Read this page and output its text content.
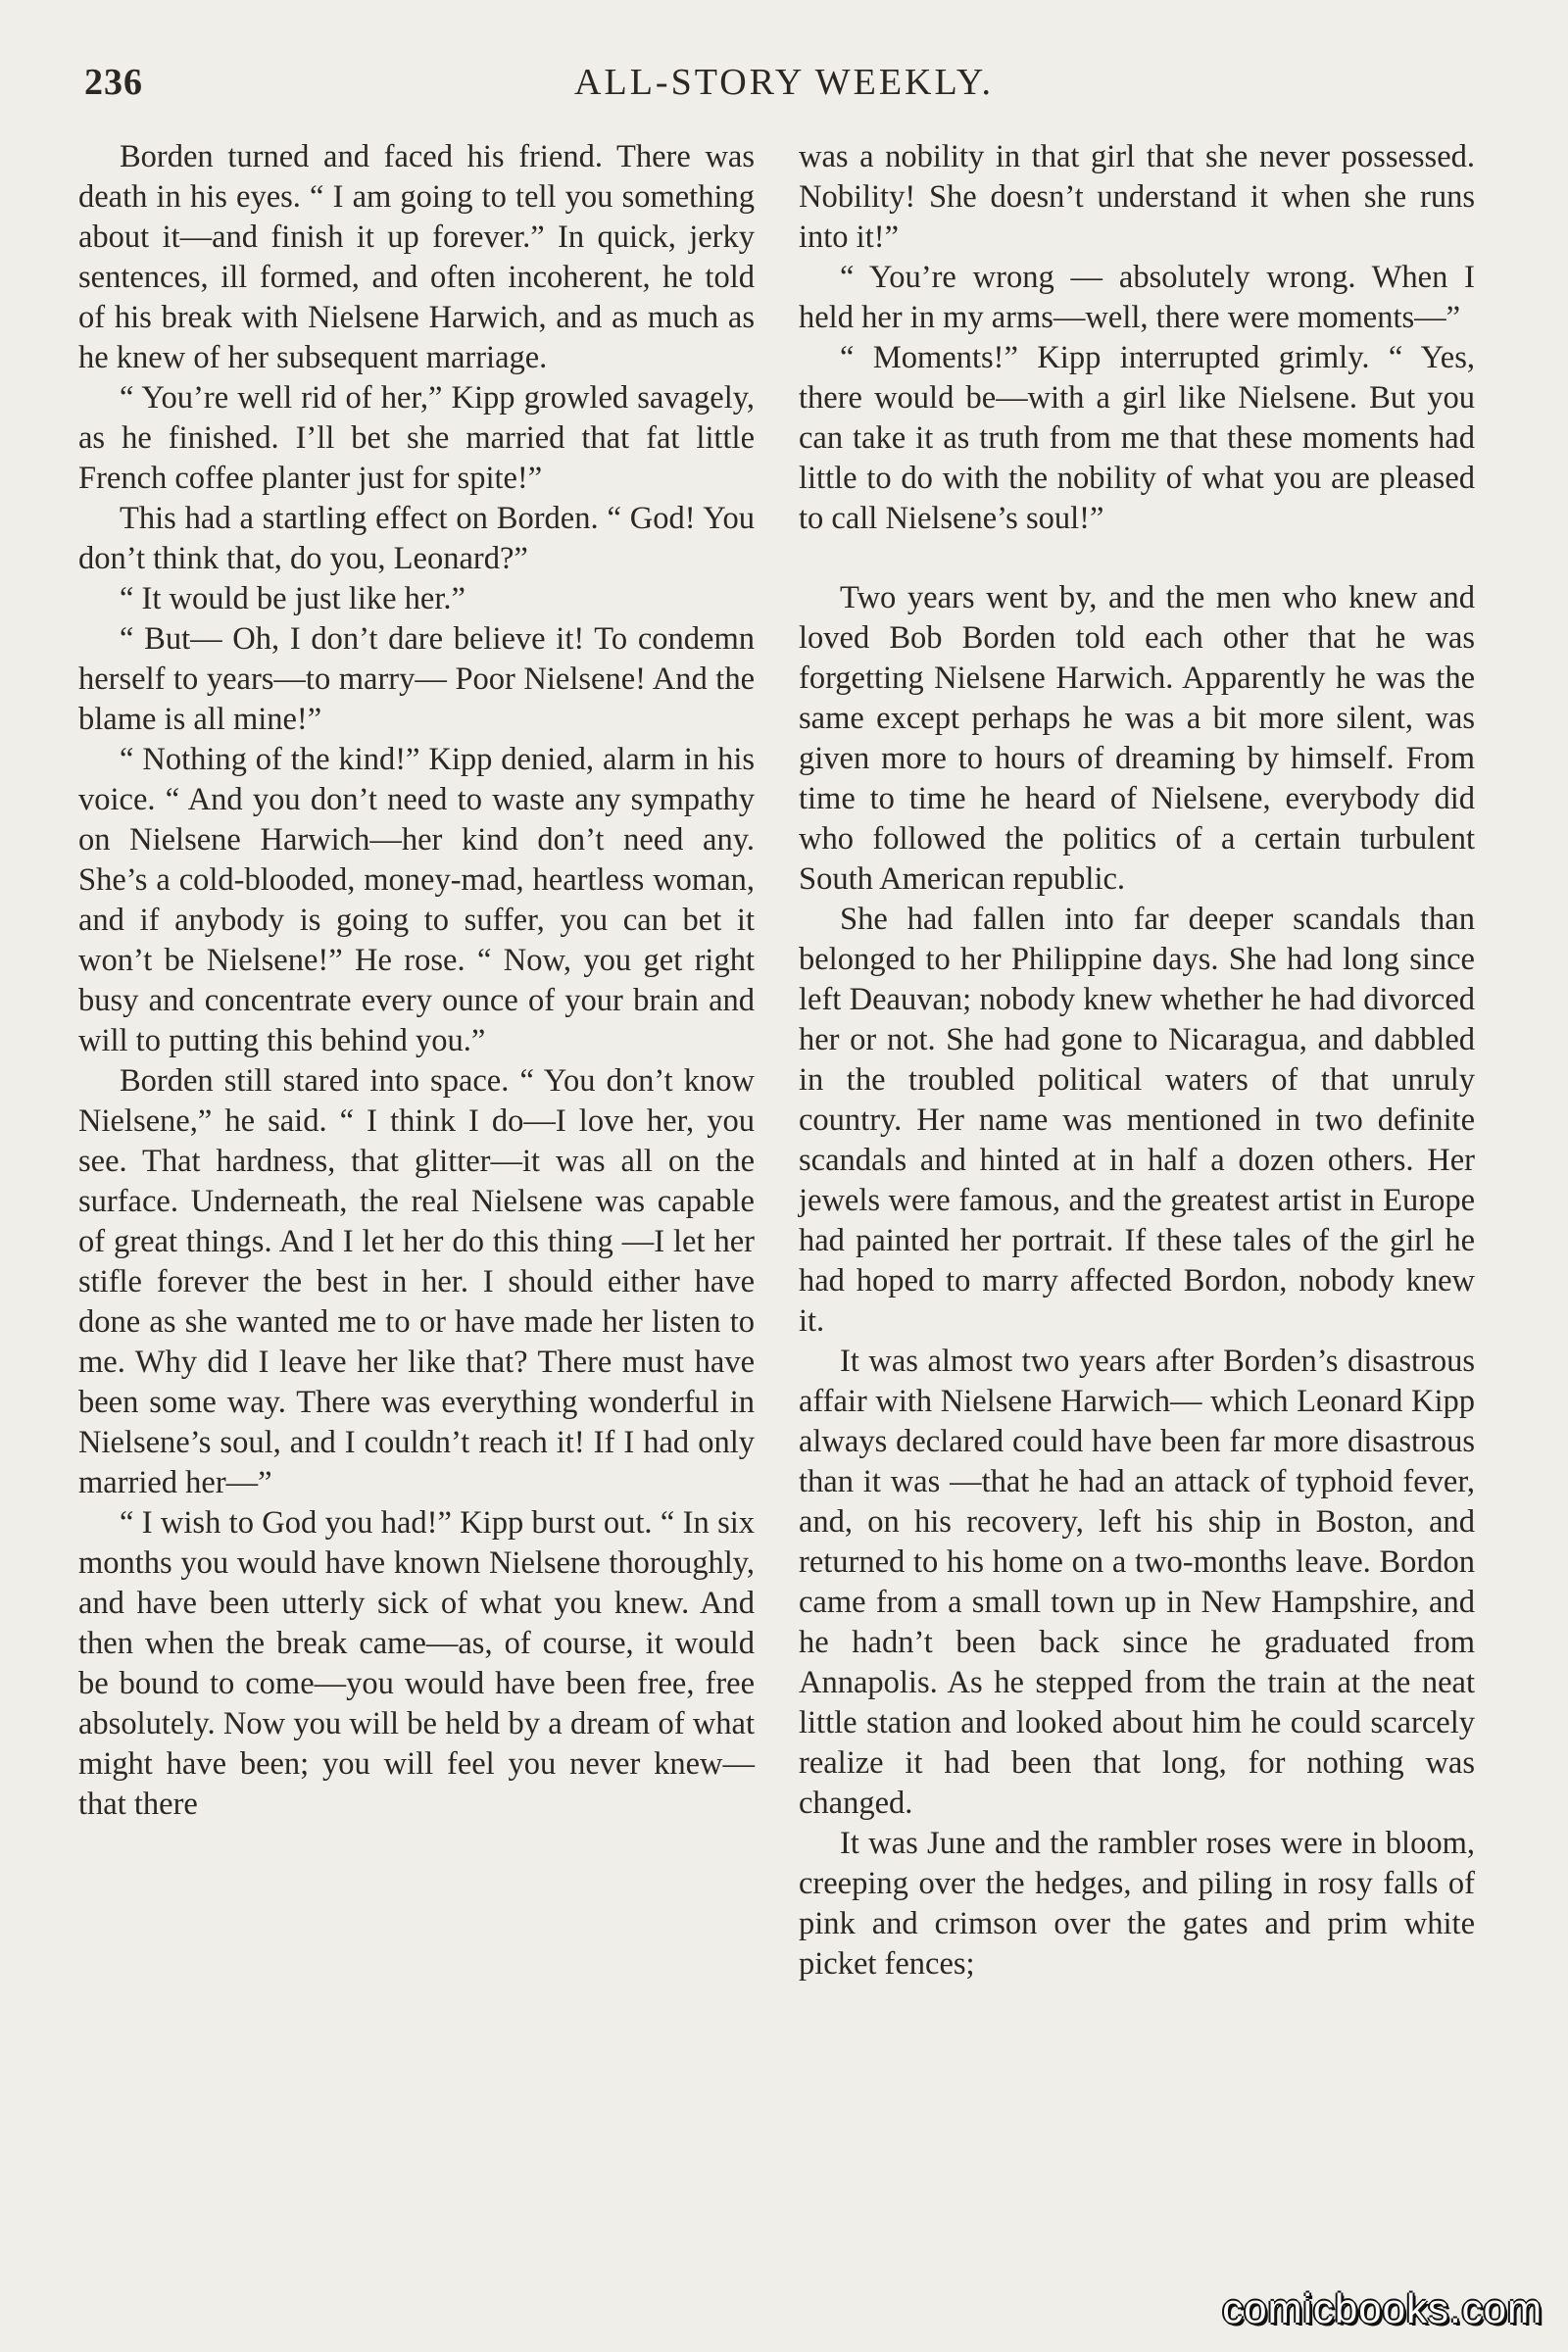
236	ALL-STORY WEEKLY.

Borden turned and faced his friend. There was death in his eyes. “ I am going to tell you something about it—and finish it up forever.” In quick, jerky sentences, ill formed, and often incoherent, he told of his break with Nielsene Harwich, and as much as he knew of her subsequent marriage.

“ You’re well rid of her,” Kipp growled savagely, as he finished. I’ll bet she married that fat little French coffee planter just for spite!”

This had a startling effect on Borden. “ God! You don’t think that, do you, Leonard?”

“ It would be just like her.”

“ But— Oh, I don’t dare believe it! To condemn herself to years—to marry— Poor Nielsene! And the blame is all mine!”

“ Nothing of the kind!” Kipp denied, alarm in his voice. “ And you don’t need to waste any sympathy on Nielsene Harwich—her kind don’t need any. She’s a cold-blooded, money-mad, heartless woman, and if anybody is going to suffer, you can bet it won’t be Nielsene!” He rose. “ Now, you get right busy and concentrate every ounce of your brain and will to putting this behind you.”

Borden still stared into space. “ You don’t know Nielsene,” he said. “ I think I do—I love her, you see. That hardness, that glitter—it was all on the surface. Underneath, the real Nielsene was capable of great things. And I let her do this thing —I let her stifle forever the best in her. I should either have done as she wanted me to or have made her listen to me. Why did I leave her like that? There must have been some way. There was everything wonderful in Nielsene’s soul, and I couldn’t reach it! If I had only married her—”

“ I wish to God you had!” Kipp burst out. “ In six months you would have known Nielsene thoroughly, and have been utterly sick of what you knew. And then when the break came—as, of course, it would be bound to come—you would have been free, free absolutely. Now you will be held by a dream of what might have been; you will feel you never knew—that there

was a nobility in that girl that she never possessed. Nobility! She doesn’t understand it when she runs into it!”

“ You’re wrong — absolutely wrong. When I held her in my arms—well, there were moments—”

“ Moments!” Kipp interrupted grimly. “ Yes, there would be—with a girl like Nielsene. But you can take it as truth from me that these moments had little to do with the nobility of what you are pleased to call Nielsene’s soul!”

Two years went by, and the men who knew and loved Bob Borden told each other that he was forgetting Nielsene Harwich. Apparently he was the same except perhaps he was a bit more silent, was given more to hours of dreaming by himself. From time to time he heard of Nielsene, everybody did who followed the politics of a certain turbulent South American republic.

She had fallen into far deeper scandals than belonged to her Philippine days. She had long since left Deauvan; nobody knew whether he had divorced her or not. She had gone to Nicaragua, and dabbled in the troubled political waters of that unruly country. Her name was mentioned in two definite scandals and hinted at in half a dozen others. Her jewels were famous, and the greatest artist in Europe had painted her portrait. If these tales of the girl he had hoped to marry affected Bordon, nobody knew it.

It was almost two years after Borden’s disastrous affair with Nielsene Harwich— which Leonard Kipp always declared could have been far more disastrous than it was —that he had an attack of typhoid fever, and, on his recovery, left his ship in Boston, and returned to his home on a two-months leave. Bordon came from a small town up in New Hampshire, and he hadn’t been back since he graduated from Annapolis. As he stepped from the train at the neat little station and looked about him he could scarcely realize it had been that long, for nothing was changed.

It was June and the rambler roses were in bloom, creeping over the hedges, and piling in rosy falls of pink and crimson over the gates and prim white picket fences;

comicbooks.com
